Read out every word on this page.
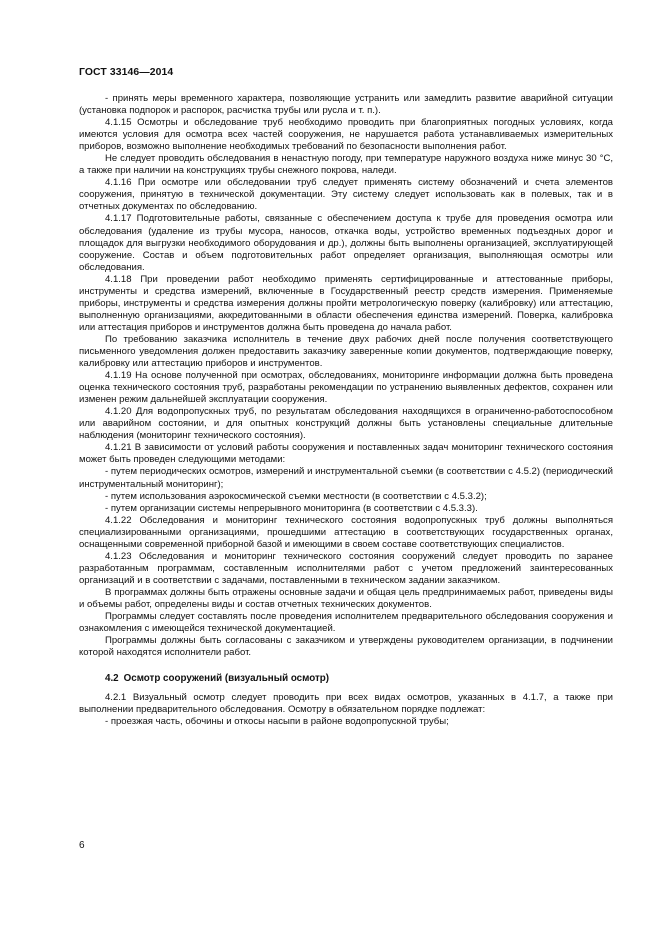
ГОСТ 33146—2014

- принять меры временного характера, позволяющие устранить или замедлить развитие аварийной ситуации (установка подпорок и распорок, расчистка трубы или русла и т. п.).

4.1.15 Осмотры и обследование труб необходимо проводить при благоприятных погодных условиях, когда имеются условия для осмотра всех частей сооружения, не нарушается работа устанавливаемых измерительных приборов, возможно выполнение необходимых требований по безопасности выполнения работ.

Не следует проводить обследования в ненастную погоду, при температуре наружного воздуха ниже минус 30 °С, а также при наличии на конструкциях трубы снежного покрова, наледи.

4.1.16 При осмотре или обследовании труб следует применять систему обозначений и счета элементов сооружения, принятую в технической документации. Эту систему следует использовать как в полевых, так и в отчетных документах по обследованию.

4.1.17 Подготовительные работы, связанные с обеспечением доступа к трубе для проведения осмотра или обследования (удаление из трубы мусора, наносов, откачка воды, устройство временных подъездных дорог и площадок для выгрузки необходимого оборудования и др.), должны быть выполнены организацией, эксплуатирующей сооружение. Состав и объем подготовительных работ определяет организация, выполняющая осмотры или обследования.

4.1.18 При проведении работ необходимо применять сертифицированные и аттестованные приборы, инструменты и средства измерений, включенные в Государственный реестр средств измерения. Применяемые приборы, инструменты и средства измерения должны пройти метрологическую поверку (калибровку) или аттестацию, выполненную организациями, аккредитованными в области обеспечения единства измерений. Поверка, калибровка или аттестация приборов и инструментов должна быть проведена до начала работ.

По требованию заказчика исполнитель в течение двух рабочих дней после получения соответствующего письменного уведомления должен предоставить заказчику заверенные копии документов, подтверждающие поверку, калибровку или аттестацию приборов и инструментов.

4.1.19 На основе полученной при осмотрах, обследованиях, мониторинге информации должна быть проведена оценка технического состояния труб, разработаны рекомендации по устранению выявленных дефектов, сохранен или изменен режим дальнейшей эксплуатации сооружения.

4.1.20 Для водопропускных труб, по результатам обследования находящихся в ограниченно-работоспособном или аварийном состоянии, и для опытных конструкций должны быть установлены специальные длительные наблюдения (мониторинг технического состояния).

4.1.21 В зависимости от условий работы сооружения и поставленных задач мониторинг технического состояния может быть проведен следующими методами:

- путем периодических осмотров, измерений и инструментальной съемки (в соответствии с 4.5.2) (периодический инструментальный мониторинг);

- путем использования аэрокосмической съемки местности (в соответствии с 4.5.3.2);

- путем организации системы непрерывного мониторинга (в соответствии с 4.5.3.3).

4.1.22 Обследования и мониторинг технического состояния водопропускных труб должны выполняться специализированными организациями, прошедшими аттестацию в соответствующих государственных органах, оснащенными современной приборной базой и имеющими в своем составе соответствующих специалистов.

4.1.23 Обследования и мониторинг технического состояния сооружений следует проводить по заранее разработанным программам, составленным исполнителями работ с учетом предложений заинтересованных организаций и в соответствии с задачами, поставленными в техническом задании заказчиком.

В программах должны быть отражены основные задачи и общая цель предпринимаемых работ, приведены виды и объемы работ, определены виды и состав отчетных технических документов.

Программы следует составлять после проведения исполнителем предварительного обследования сооружения и ознакомления с имеющейся технической документацией.

Программы должны быть согласованы с заказчиком и утверждены руководителем организации, в подчинении которой находятся исполнители работ.

4.2 Осмотр сооружений (визуальный осмотр)

4.2.1 Визуальный осмотр следует проводить при всех видах осмотров, указанных в 4.1.7, а также при выполнении предварительного обследования. Осмотру в обязательном порядке подлежат:

- проезжая часть, обочины и откосы насыпи в районе водопропускной трубы;

6
